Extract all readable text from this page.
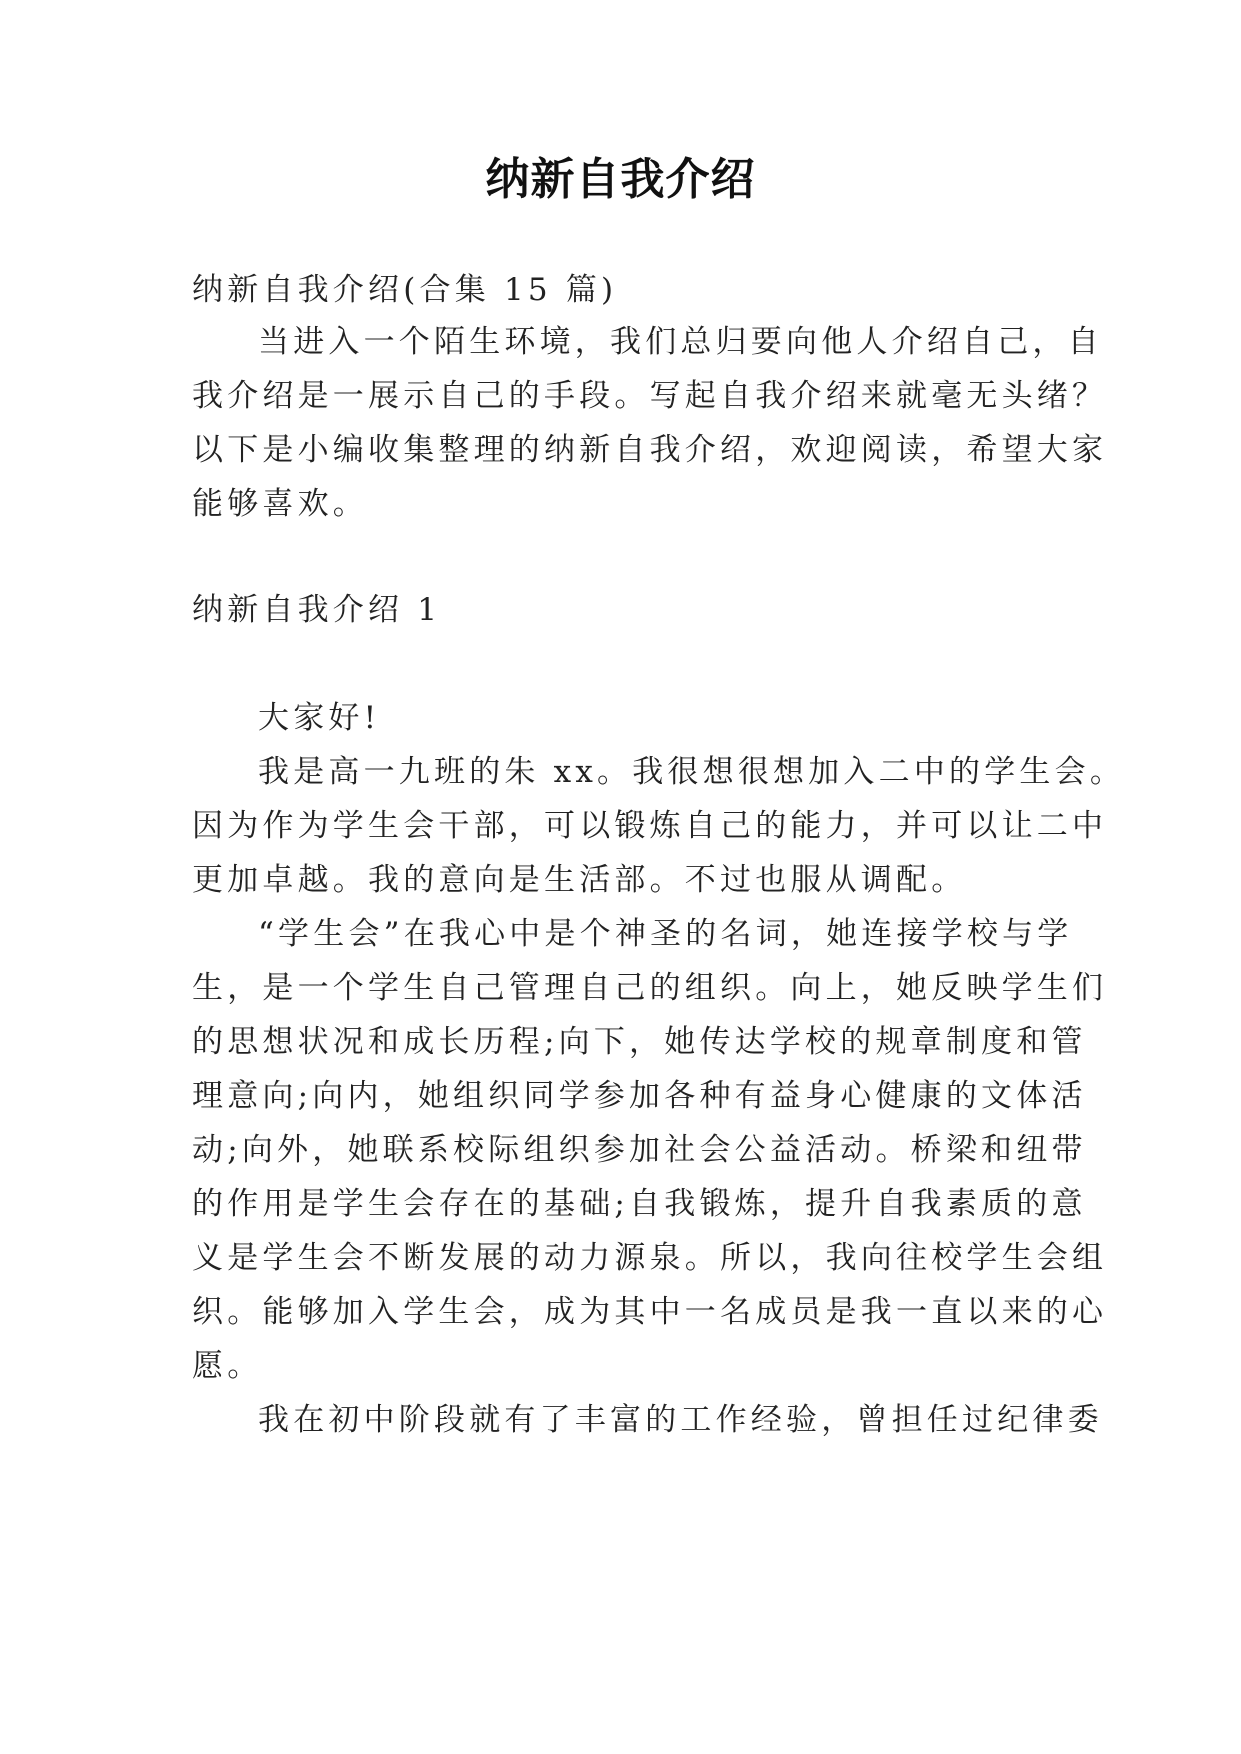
纳新自我介绍
纳新自我介绍(合集 15 篇)
当进入一个陌生环境，我们总归要向他人介绍自己，自
我介绍是一展示自己的手段。写起自我介绍来就毫无头绪？
以下是小编收集整理的纳新自我介绍，欢迎阅读，希望大家
能够喜欢。
纳新自我介绍 1
大家好!
我是高一九班的朱 xx。我很想很想加入二中的学生会。
因为作为学生会干部，可以锻炼自己的能力，并可以让二中
更加卓越。我的意向是生活部。不过也服从调配。
“学生会”在我心中是个神圣的名词，她连接学校与学
生，是一个学生自己管理自己的组织。向上，她反映学生们
的思想状况和成长历程;向下，她传达学校的规章制度和管
理意向;向内，她组织同学参加各种有益身心健康的文体活
动;向外，她联系校际组织参加社会公益活动。桥梁和纽带
的作用是学生会存在的基础;自我锻炼，提升自我素质的意
义是学生会不断发展的动力源泉。所以，我向往校学生会组
织。能够加入学生会，成为其中一名成员是我一直以来的心
愿。
我在初中阶段就有了丰富的工作经验，曾担任过纪律委
